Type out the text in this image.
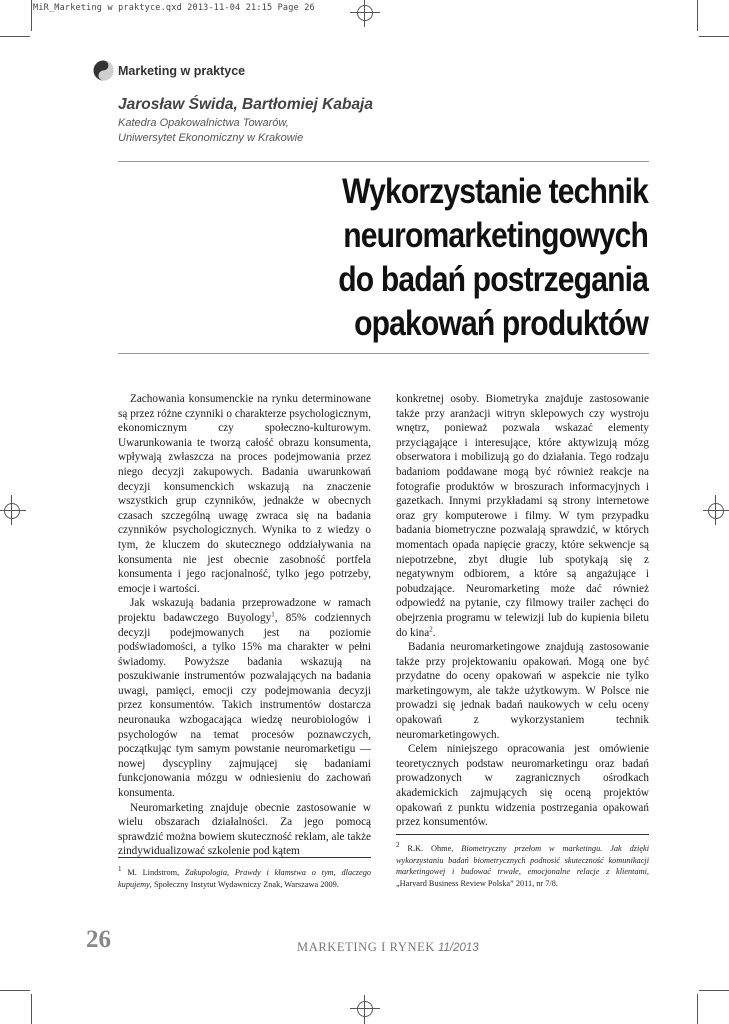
MiR_Marketing w praktyce.qxd 2013-11-04 21:15 Page 26
Marketing w praktyce
Jarosław Świda, Bartłomiej Kabaja
Katedra Opakowalnictwa Towarów,
Uniwersytet Ekonomiczny w Krakowie
Wykorzystanie technik
neuromarketingowych
do badań postrzegania
opakowań produktów

Zachowania konsumenckie na rynku determinowane są przez różne czynniki o charakterze psychologicznym, ekonomicznym czy społeczno-kulturowym. Uwarunkowania te tworzą całość obrazu konsumenta, wpływają zwłaszcza na proces podejmowania przez niego decyzji zakupowych. Badania uwarunkowań decyzji konsumenckich wskazują na znaczenie wszystkich grup czynników, jednakże w obecnych czasach szczególną uwagę zwraca się na badania czynników psychologicznych. Wynika to z wiedzy o tym, że kluczem do skutecznego oddziaływania na konsumenta nie jest obecnie zasobność portfela konsumenta i jego racjonalność, tylko jego potrzeby, emocje i wartości.

Jak wskazują badania przeprowadzone w ramach projektu badawczego Buyology$^1$, 85% codziennych decyzji podejmowanych jest na poziomie podświadomości, a tylko 15% ma charakter w pełni świadomy. Powyższe badania wskazują na poszukiwanie instrumentów pozwalających na badania uwagi, pamięci, emocji czy podejmowania decyzji przez konsumentów. Takich instrumentów dostarcza neuronauka wzbogacająca wiedzę neurobiologów i psychologów na temat procesów poznawczych, początkując tym samym powstanie neuromarketigu — nowej dyscypliny zajmującej się badaniami funkcjonowania mózgu w odniesieniu do zachowań konsumenta.

Neuromarketing znajduje obecnie zastosowanie w wielu obszarach działalności. Za jego pomocą sprawdzić można bowiem skuteczność reklam, ale także zindywidualizować szkolenie pod kątem

konkretnej osoby. Biometryka znajduje zastosowanie także przy aranżacji witryn sklepowych czy wystroju wnętrz, ponieważ pozwala wskazać elementy przyciągające i interesujące, które aktywizują mózg obserwatora i mobilizują go do działania. Tego rodzaju badaniom poddawane mogą być również reakcje na fotografie produktów w broszurach informacyjnych i gazetkach. Innymi przykładami są strony internetowe oraz gry komputerowe i filmy. W tym przypadku badania biometryczne pozwalają sprawdzić, w których momentach opada napięcie graczy, które sekwencje są niepotrzebne, zbyt długie lub spotykają się z negatywnym odbiorem, a które są angażujące i pobudzające. Neuromarketing może dać również odpowiedź na pytanie, czy filmowy trailer zachęci do obejrzenia programu w telewizji lub do kupienia biletu do kina$^2$.

Badania neuromarketingowe znajdują zastosowanie także przy projektowaniu opakowań. Mogą one być przydatne do oceny opakowań w aspekcie nie tylko marketingowym, ale także użytkowym. W Polsce nie prowadzi się jednak badań naukowych w celu oceny opakowań z wykorzystaniem technik neuromarketingowych.

Celem niniejszego opracowania jest omówienie teoretycznych podstaw neuromarketingu oraz badań prowadzonych w zagranicznych ośrodkach akademickich zajmujących się oceną projektów opakowań z punktu widzenia postrzegania opakowań przez konsumentów.

$^1$ M. Lindstrom, Zakupologia, Prawdy i kłamstwa o tym, dlaczego kupujemy, Społeczny Instytut Wydawniczy Znak, Warszawa 2009.
$^2$ R.K. Ohme, Biometryczny przełom w marketingu. Jak dzięki wykorzystaniu badań biometrycznych podnosić skuteczność komunikacji marketingowej i budować trwałe, emocjonalne relacje z klientami, „Harvard Business Review Polska” 2011, nr 7/8.
26	MARKETING I RYNEK 11/2013
